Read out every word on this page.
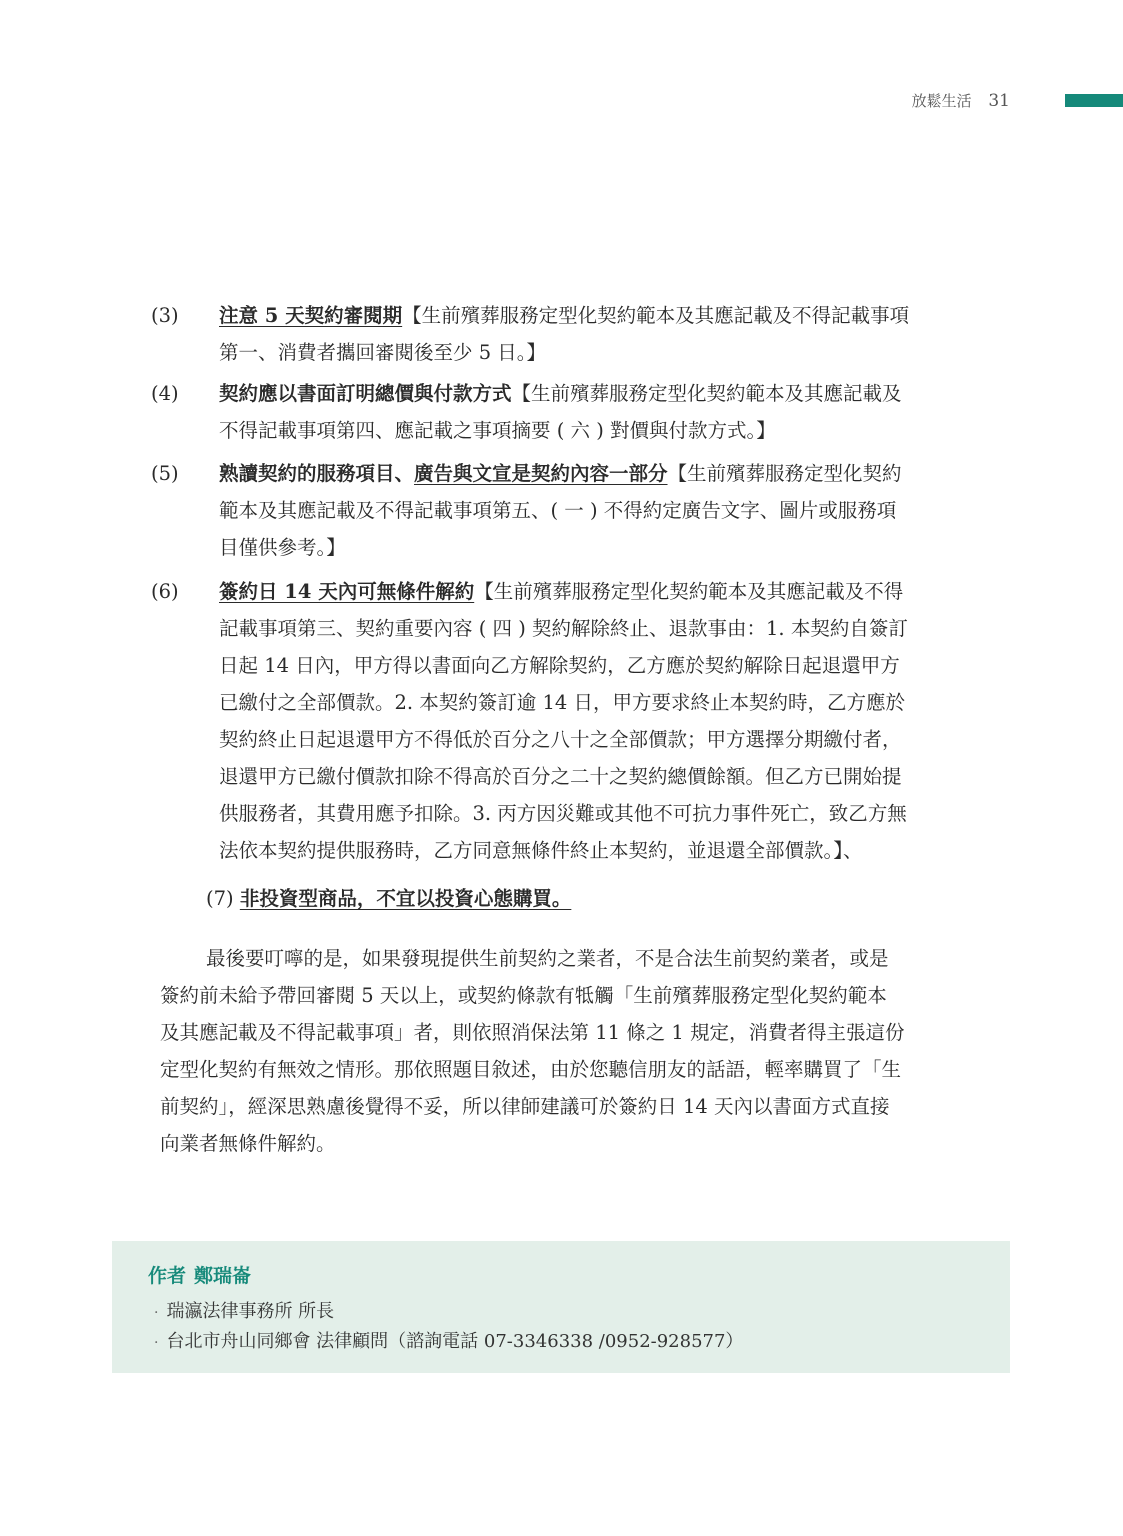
放鬆生活 31
(3) 注意 5 天契約審閱期【生前殯葬服務定型化契約範本及其應記載及不得記載事項
第一、消費者攜回審閱後至少 5 日。】
(4) 契約應以書面訂明總價與付款方式【生前殯葬服務定型化契約範本及其應記載及
不得記載事項第四、應記載之事項摘要 ( 六 ) 對價與付款方式。】
(5) 熟讀契約的服務項目、廣告與文宣是契約內容一部分【生前殯葬服務定型化契約
範本及其應記載及不得記載事項第五、( 一 ) 不得約定廣告文字、圖片或服務項
目僅供參考。】
(6) 簽約日 14 天內可無條件解約【生前殯葬服務定型化契約範本及其應記載及不得
記載事項第三、契約重要內容 ( 四 ) 契約解除終止、退款事由：1. 本契約自簽訂
日起 14 日內，甲方得以書面向乙方解除契約，乙方應於契約解除日起退還甲方
已繳付之全部價款。2. 本契約簽訂逾 14 日，甲方要求終止本契約時，乙方應於
契約終止日起退還甲方不得低於百分之八十之全部價款；甲方選擇分期繳付者，
退還甲方已繳付價款扣除不得高於百分之二十之契約總價餘額。但乙方已開始提
供服務者，其費用應予扣除。3. 丙方因災難或其他不可抗力事件死亡，致乙方無
法依本契約提供服務時，乙方同意無條件終止本契約，並退還全部價款。】、
(7) 非投資型商品，不宜以投資心態購買。
最後要叮嚀的是，如果發現提供生前契約之業者，不是合法生前契約業者，或是
簽約前未給予帶回審閱 5 天以上，或契約條款有牴觸「生前殯葬服務定型化契約範本
及其應記載及不得記載事項」者，則依照消保法第 11 條之 1 規定，消費者得主張這份
定型化契約有無效之情形。那依照題目敘述，由於您聽信朋友的話語，輕率購買了「生
前契約」，經深思熟慮後覺得不妥，所以律師建議可於簽約日 14 天內以書面方式直接
向業者無條件解約。
作者 鄭瑞崙
· 瑞瀛法律事務所 所長
· 台北市舟山同鄉會 法律顧問（諮詢電話 07-3346338 /0952-928577）
